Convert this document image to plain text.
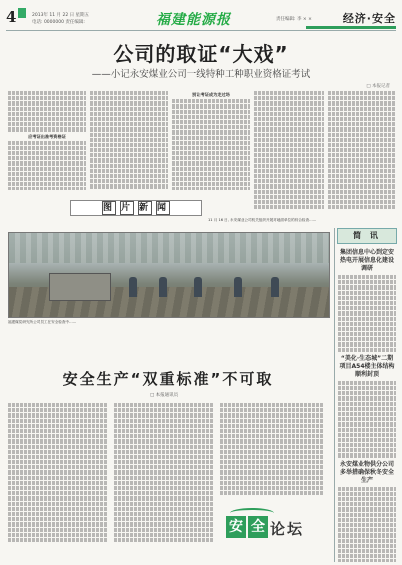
4	2013年 11 月 22 日 星期五
电话: 0000000 责任编辑:	福建能源报	责任编辑: 李 × ×	经济·安全
公司的取证“大戏”
——小记永安煤业公司一线特种工种职业资格证考试
□ 本报记者
应考证出准考资格证
别让考证成为走过场
图 片 新 闻
11 月 16 日, 永安煤业公司机关组织开展对地面单位的综合检查……
福建煤炭研究所公司员工在安全检查中……
安全生产“双重标准”不可取
□ 本报通讯员
安 全 论坛
简 讯
集团信息中心到定安热电开展信息化建设调研
“美化·生态城”二期项目A54楼主体结构顺利封顶
永安煤业物供分公司多举措确保秋冬安全生产
